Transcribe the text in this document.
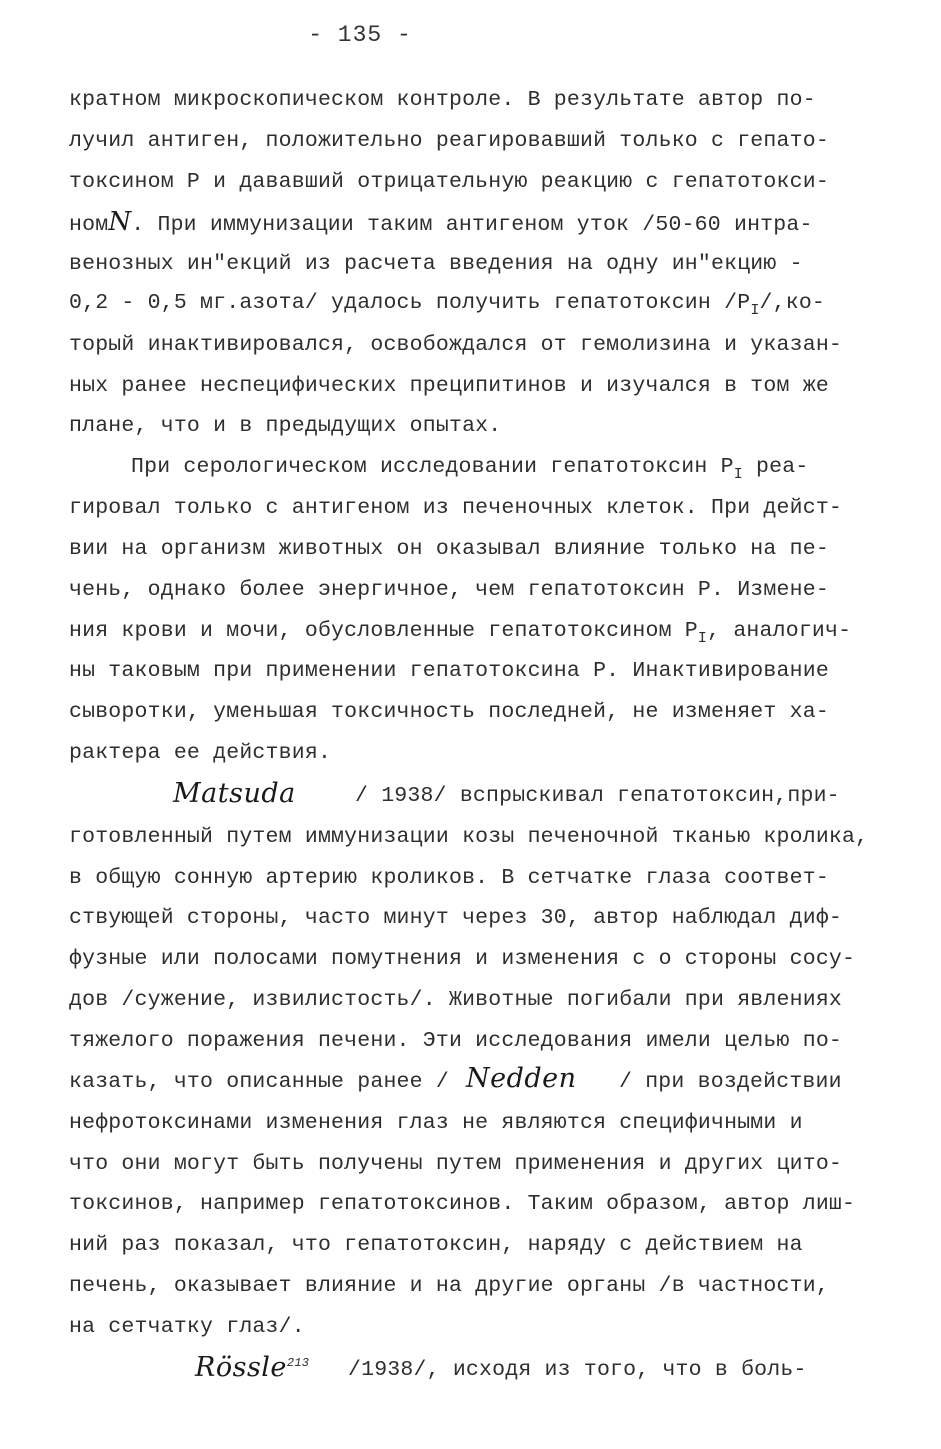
- 135 -
кратном микроскопическом контроле. В результате автор по-
лучил антиген, положительно реагировавший только с гепато-
токсином Р и дававший отрицательную реакцию с гепатотокси-
номN. При иммунизации таким антигеном уток /50-60 интра-
венозных ин"екций из расчета введения на одну ин"екцию -
0,2 - 0,5 мг.азота/ удалось получить гепатотоксин $/P_I/,ко-$
торый инактивировался, освобождался от гемолизина и указан-
ных ранее неспецифических преципитинов и изучался в том же
плане, что и в предыдущих опытах.
При серологическом исследовании гепатотоксин $P_I$ реа-
гировал только с антигеном из печеночных клеток. При дейст-
вии на организм животных он оказывал влияние только на пе-
чень, однако более энергичное, чем гепатотоксин Р. Измене-
ния крови и мочи, обусловленные гепатотоксином $P_I$, аналогич-
ны таковым при применении гепатотоксина Р. Инактивирование
сыворотки, уменьшая токсичность последней, не изменяет ха-
рактера ее действия.
Matsuda	/ 1938/ вспрыскивал гепатотоксин,при-
готовленный путем иммунизации козы печеночной тканью кролика,
в общую сонную артерию кроликов. В сетчатке глаза соответ-
ствующей стороны, часто минут через 30, автор наблюдал диф-
фузные или полосами помутнения и изменения с о стороны сосу-
дов /сужение, извилистость/. Животные погибали при явлениях
тяжелого поражения печени. Эти исследования имели целью по-
казать, что описанные ранее / Nedden / при воздействии
нефротоксинами изменения глаз не являются специфичными и
что они могут быть получены путем применения и других цито-
токсинов, например гепатотоксинов. Таким образом, автор лиш-
ний раз показал, что гепатотоксин, наряду с действием на
печень, оказывает влияние и на другие органы /в частности,
на сетчатку глаз/.
Rössle$^{213}$ /1938/, исходя из того, что в боль-
